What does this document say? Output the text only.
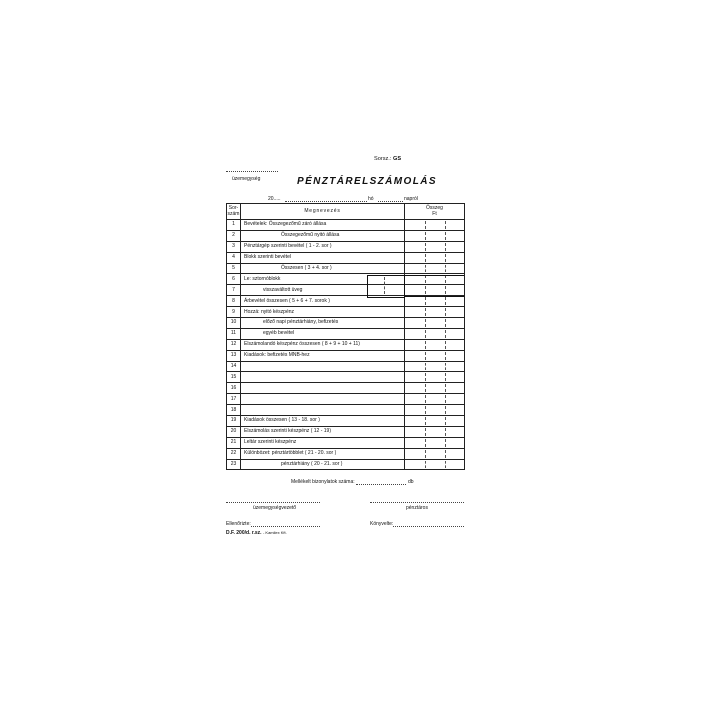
Sorsz.: GS
üzemegység	PÉNZTÁRELSZÁMOLÁS
20.....	hó	napról
Sor-
szám	Megnevezés	Összeg
Ft
1	Bevételek: Összegezőmű záró állása	
2	Összegezőmű nyitó állása	
3	Pénztárgép szerinti bevétel ( 1 - 2. sor )	
4	Blokk szerinti bevétel	
5	Összesen ( 3 + 4. sor )	
6	Le: sztornóblokk	
7	visszaváltott üveg	
8	Árbevétel összesen ( 5 + 6 + 7. sorok )	
9	Hozzá: nyitó készpénz	
10	előző napi pénztárhiány, befizetés	
11	egyéb bevétel	
12	Elszámolandó készpénz összesen ( 8 + 9 + 10 + 11)	
13	Kiadások: befizetés MNB-hez	
14		
15		
16		
17		
18		
19	Kiadások összesen ( 13 - 18. sor )	
20	Elszámolás szerinti készpénz ( 12 - 19)	
21	Leltár szerinti készpénz	
22	Különbözet: pénztártöbblet ( 21 - 20. sor )	
23	pénztárhiány ( 20 - 21. sor )	
Mellékelt bizonylatok száma:	db
üzemegységvezető	pénztáros
Ellenőrizte:	Könyvelte:
D.F. 200/d. r.sz. - Kamilex Kft.
